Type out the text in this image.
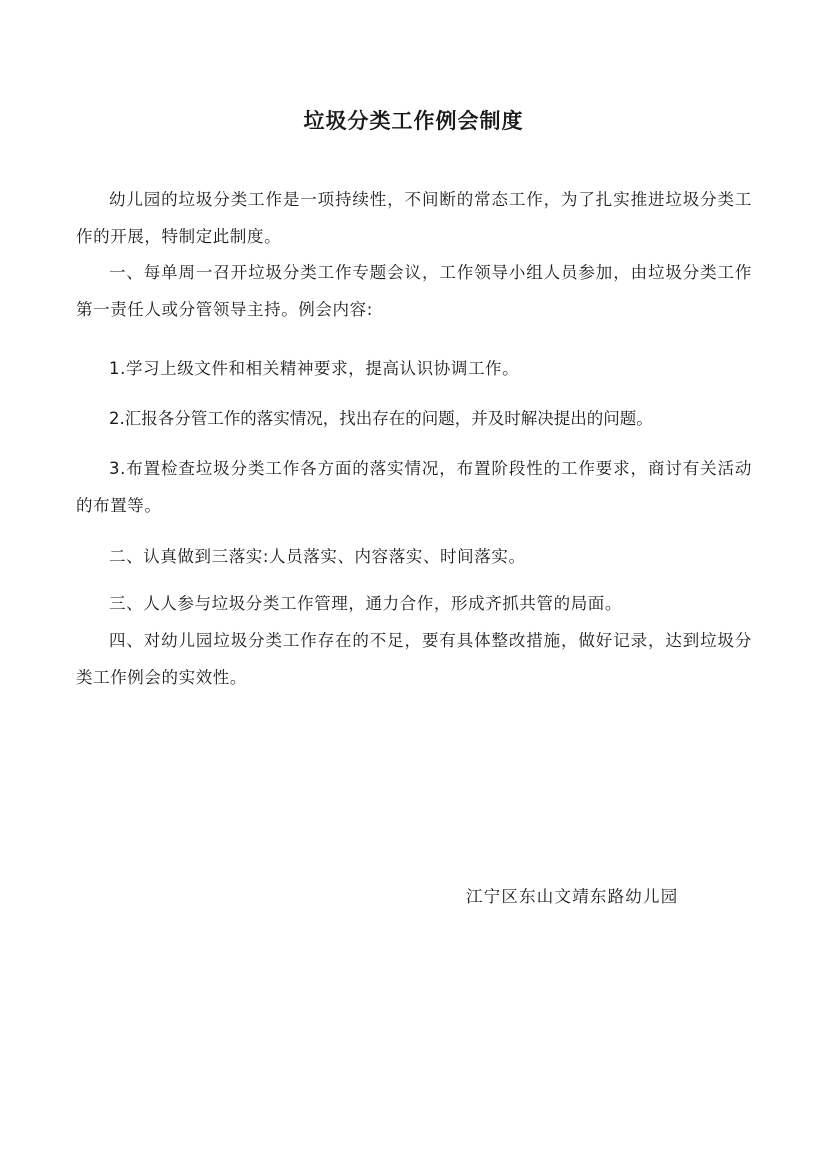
垃圾分类工作例会制度

幼儿园的垃圾分类工作是一项持续性，不间断的常态工作，为了扎实推进垃圾分类工作的开展，特制定此制度。

一、每单周一召开垃圾分类工作专题会议，工作领导小组人员参加，由垃圾分类工作第一责任人或分管领导主持。例会内容:

1.学习上级文件和相关精神要求，提高认识协调工作。

2.汇报各分管工作的落实情况，找出存在的问题，并及时解决提出的问题。

3.布置检查垃圾分类工作各方面的落实情况，布置阶段性的工作要求，商讨有关活动的布置等。

二、认真做到三落实:人员落实、内容落实、时间落实。

三、人人参与垃圾分类工作管理，通力合作，形成齐抓共管的局面。

四、对幼儿园垃圾分类工作存在的不足，要有具体整改措施，做好记录，达到垃圾分类工作例会的实效性。

江宁区东山文靖东路幼儿园
